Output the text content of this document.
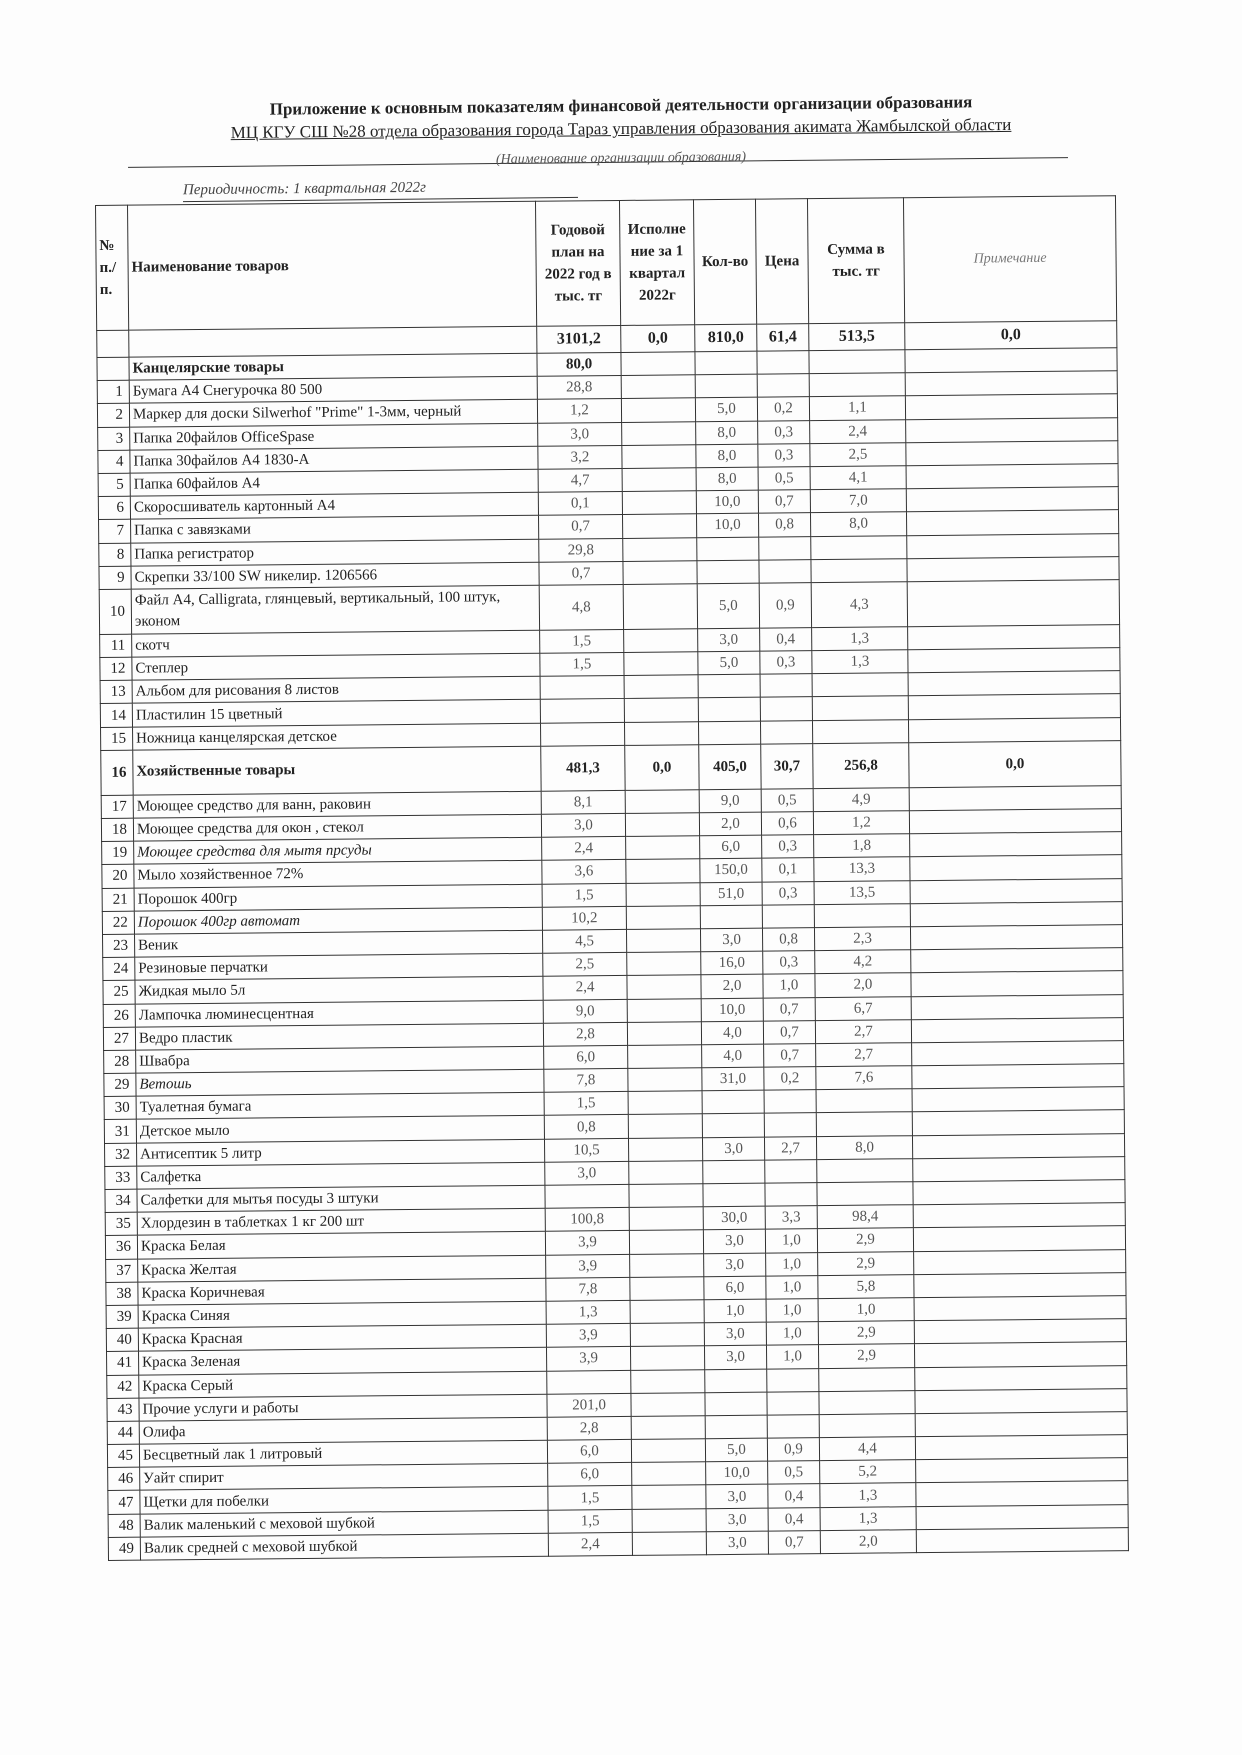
Приложение к основным показателям финансовой деятельности организации образования
МЦ КГУ СШ №28 отдела образования города Тараз управления образования акимата Жамбылской области
(Наименование организации образования)
Периодичность: 1 квартальная 2022г
№ п./ п.	Наименование товаров	Годовой план на 2022 год в тыс. тг	Исполне ние за 1 квартал 2022г	Кол-во	Цена	Сумма в тыс. тг	Примечание
		3101,2	0,0	810,0	61,4	513,5	0,0
	Канцелярские товары	80,0					
1	Бумага А4 Снегурочка 80 500	28,8					
2	Маркер для доски Silwerhof "Prime" 1-3мм, черный	1,2		5,0	0,2	1,1	
3	Папка 20файлов OfficeSpase	3,0		8,0	0,3	2,4	
4	Папка 30файлов А4 1830-А	3,2		8,0	0,3	2,5	
5	Папка 60файлов А4	4,7		8,0	0,5	4,1	
6	Скоросшиватель картонный А4	0,1		10,0	0,7	7,0	
7	Папка с завязками	0,7		10,0	0,8	8,0	
8	Папка регистратор	29,8					
9	Скрепки 33/100 SW никелир. 1206566	0,7					
10	Файл А4, Calligrata, глянцевый, вертикальный, 100 штук, эконом	4,8		5,0	0,9	4,3	
11	скотч	1,5		3,0	0,4	1,3	
12	Степлер	1,5		5,0	0,3	1,3	
13	Альбом для рисования 8 листов						
14	Пластилин 15 цветный						
15	Ножница канцелярская детское						
16	Хозяйственные товары	481,3	0,0	405,0	30,7	256,8	0,0
17	Моющее средство для ванн, раковин	8,1		9,0	0,5	4,9	
18	Моющее средства для окон , стекол	3,0		2,0	0,6	1,2	
19	Моющее средства для мытя прсуды	2,4		6,0	0,3	1,8	
20	Мыло хозяйственное 72%	3,6		150,0	0,1	13,3	
21	Порошок 400гр	1,5		51,0	0,3	13,5	
22	Порошок 400гр автомат	10,2					
23	Веник	4,5		3,0	0,8	2,3	
24	Резиновые перчатки	2,5		16,0	0,3	4,2	
25	Жидкая мыло 5л	2,4		2,0	1,0	2,0	
26	Лампочка люминесцентная	9,0		10,0	0,7	6,7	
27	Ведро пластик	2,8		4,0	0,7	2,7	
28	Швабра	6,0		4,0	0,7	2,7	
29	Ветошь	7,8		31,0	0,2	7,6	
30	Туалетная бумага	1,5					
31	Детское мыло	0,8					
32	Антисептик 5 литр	10,5		3,0	2,7	8,0	
33	Салфетка	3,0					
34	Салфетки для мытья посуды 3 штуки						
35	Хлордезин в таблетках 1 кг 200 шт	100,8		30,0	3,3	98,4	
36	Краска Белая	3,9		3,0	1,0	2,9	
37	Краска Желтая	3,9		3,0	1,0	2,9	
38	Краска Коричневая	7,8		6,0	1,0	5,8	
39	Краска Синяя	1,3		1,0	1,0	1,0	
40	Краска Красная	3,9		3,0	1,0	2,9	
41	Краска Зеленая	3,9		3,0	1,0	2,9	
42	Краска Серый						
43	Прочие услуги и работы	201,0					
44	Олифа	2,8					
45	Бесцветный лак 1 литровый	6,0		5,0	0,9	4,4	
46	Уайт спирит	6,0		10,0	0,5	5,2	
47	Щетки для побелки	1,5		3,0	0,4	1,3	
48	Валик маленький с меховой шубкой	1,5		3,0	0,4	1,3	
49	Валик средней с меховой шубкой	2,4		3,0	0,7	2,0	
